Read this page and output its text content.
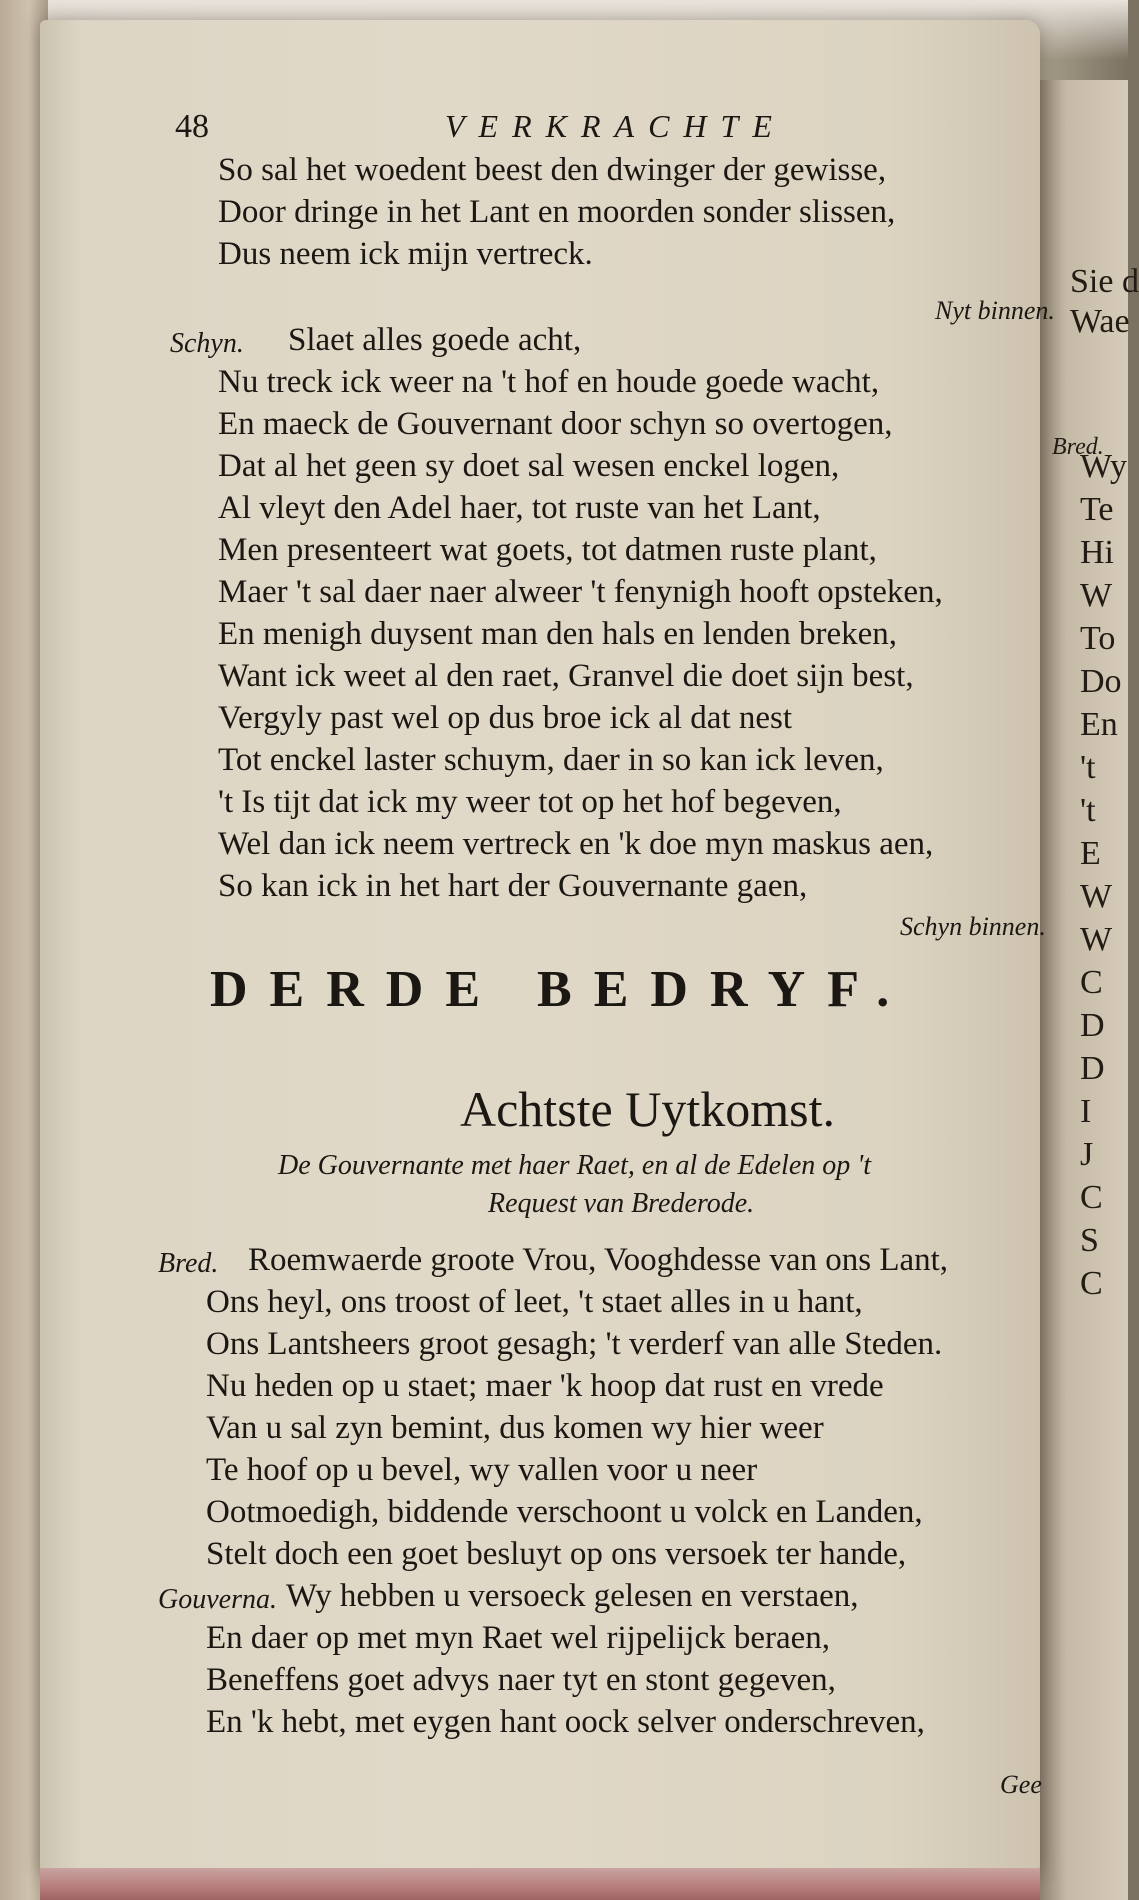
Sie d
Wae
Bred.
Wy
Te
Hi
W
To
Do
En
't
't
E
W
W
C
D
D
I
J
C
S
C
48	VERKRACHTE
So sal het woedent beest den dwinger der gewisse,
Door dringe in het Lant en moorden sonder slissen,
Dus neem ick mijn vertreck.
Nyt binnen.
Schyn. Slaet alles goede acht,
Nu treck ick weer na 't hof en houde goede wacht,
En maeck de Gouvernant door schyn so overtogen,
Dat al het geen sy doet sal wesen enckel logen,
Al vleyt den Adel haer, tot ruste van het Lant,
Men presenteert wat goets, tot datmen ruste plant,
Maer 't sal daer naer alweer 't fenynigh hooft opsteken,
En menigh duysent man den hals en lenden breken,
Want ick weet al den raet, Granvel die doet sijn best,
Vergyly past wel op dus broe ick al dat nest
Tot enckel laster schuym, daer in so kan ick leven,
't Is tijt dat ick my weer tot op het hof begeven,
Wel dan ick neem vertreck en 'k doe myn maskus aen,
So kan ick in het hart der Gouvernante gaen,
Schyn binnen.
DERDE BEDRYF.
Achtste Uytkomst.
De Gouvernante met haer Raet, en al de Edelen op 't
Request van Brederode.
Bred. Roemwaerde groote Vrou, Vooghdesse van ons Lant,
Ons heyl, ons troost of leet, 't staet alles in u hant,
Ons Lantsheers groot gesagh; 't verderf van alle Steden.
Nu heden op u staet; maer 'k hoop dat rust en vrede
Van u sal zyn bemint, dus komen wy hier weer
Te hoof op u bevel, wy vallen voor u neer
Ootmoedigh, biddende verschoont u volck en Landen,
Stelt doch een goet besluyt op ons versoek ter hande,
Gouverna. Wy hebben u versoeck gelesen en verstaen,
En daer op met myn Raet wel rijpelijck beraen,
Beneffens goet advys naer tyt en stont gegeven,
En 'k hebt, met eygen hant oock selver onderschreven,
Gee
